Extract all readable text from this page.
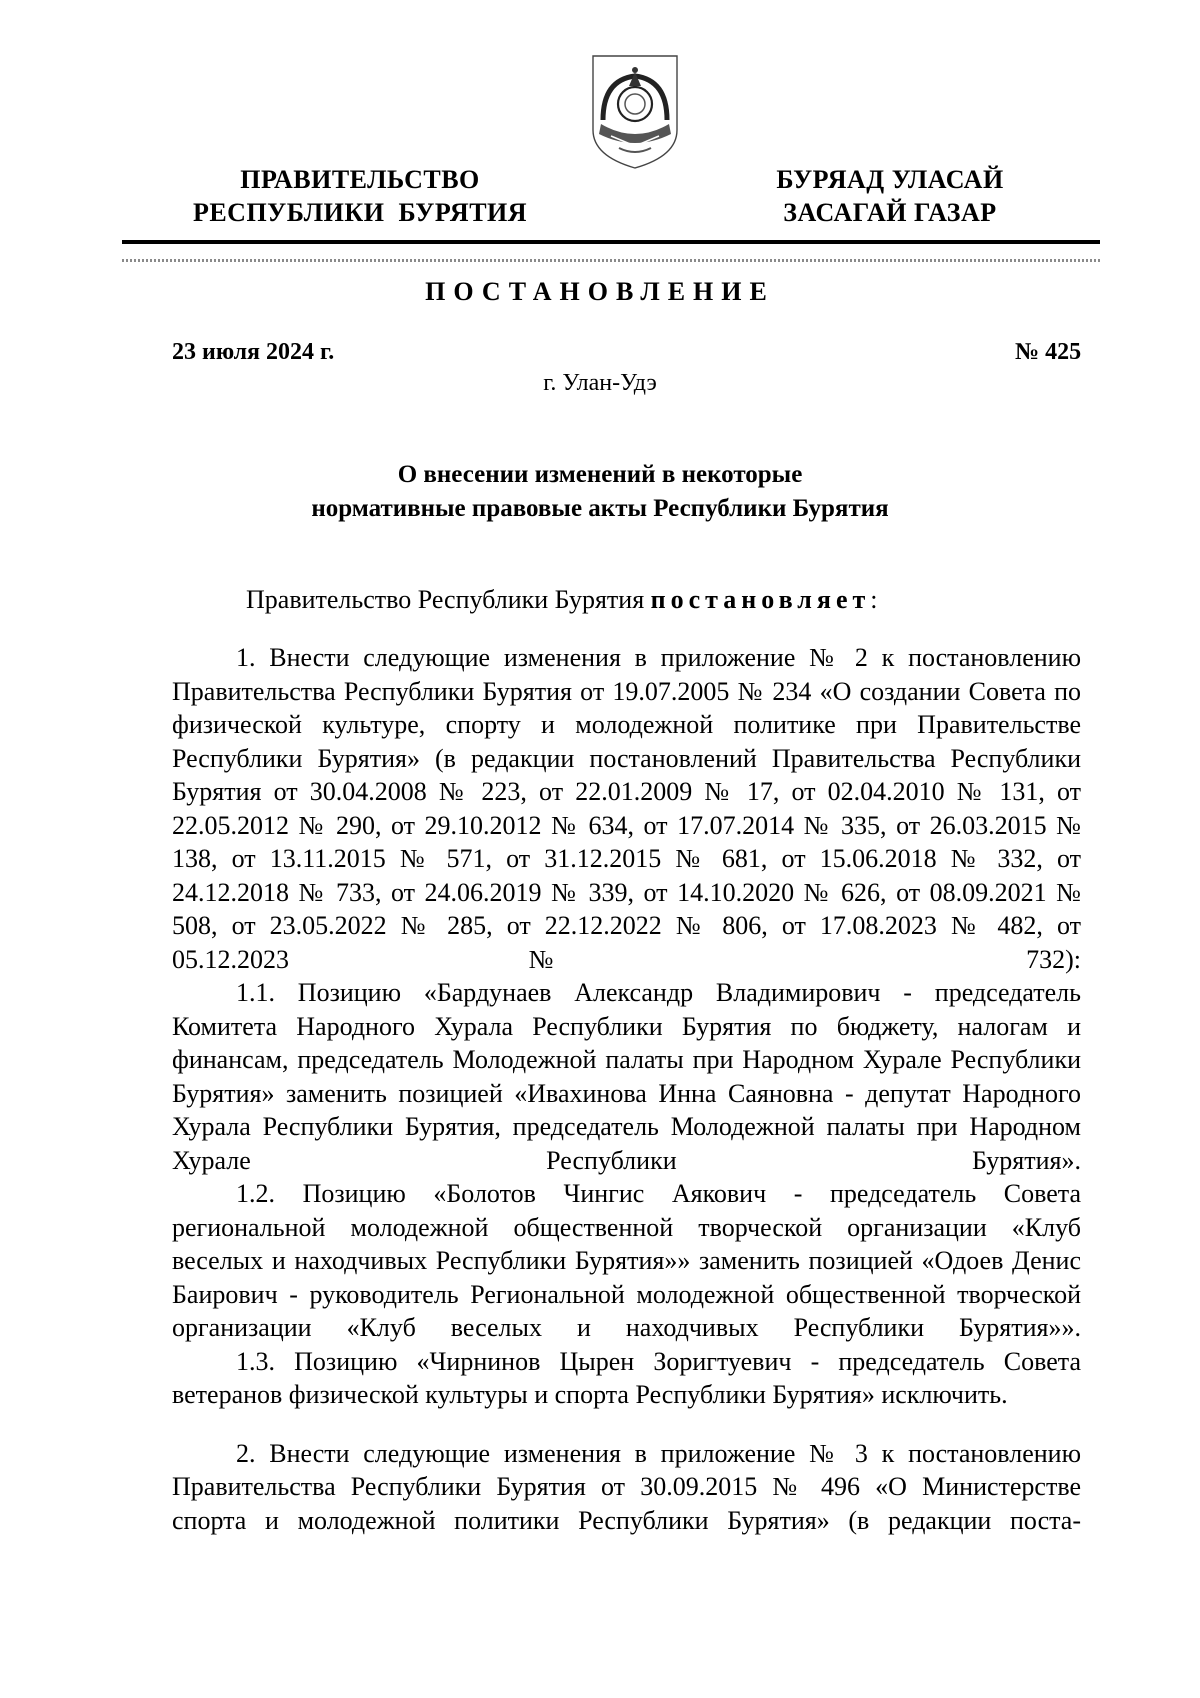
ПРАВИТЕЛЬСТВО
РЕСПУБЛИКИ  БУРЯТИЯ
БУРЯАД УЛАСАЙ
ЗАСАГАЙ ГАЗАР
ПОСТАНОВЛЕНИЕ
23 июля 2024 г.	№ 425
г. Улан-Удэ
О внесении изменений в некоторые
нормативные правовые акты Республики Бурятия
Правительство Республики Бурятия постановляет:

1. Внести следующие изменения в приложение № 2 к постановлению Правительства Республики Бурятия от 19.07.2005 № 234 «О создании Совета по физической культуре, спорту и молодежной политике при Правительстве Республики Бурятия» (в редакции постановлений Правительства Республики Бурятия от 30.04.2008 № 223, от 22.01.2009 № 17, от 02.04.2010 № 131, от 22.05.2012 № 290, от 29.10.2012 № 634, от 17.07.2014 № 335, от 26.03.2015 № 138, от 13.11.2015 № 571, от 31.12.2015 № 681, от 15.06.2018 № 332, от 24.12.2018 № 733, от 24.06.2019 № 339, от 14.10.2020 № 626, от 08.09.2021 № 508, от 23.05.2022 № 285, от 22.12.2022 № 806, от 17.08.2023 № 482, от 05.12.2023 № 732):

1.1. Позицию «Бардунаев Александр Владимирович - председатель Комитета Народного Хурала Республики Бурятия по бюджету, налогам и финансам, председатель Молодежной палаты при Народном Хурале Республики Бурятия» заменить позицией «Ивахинова Инна Саяновна - депутат Народного Хурала Республики Бурятия, председатель Молодежной палаты при Народном Хурале Республики Бурятия».

1.2. Позицию «Болотов Чингис Аякович - председатель Совета региональной молодежной общественной творческой организации «Клуб веселых и находчивых Республики Бурятия»» заменить позицией «Одоев Денис Баирович - руководитель Региональной молодежной общественной творческой организации «Клуб веселых и находчивых Республики Бурятия»».

1.3. Позицию «Чирнинов Цырен Зоригтуевич - председатель Совета ветеранов физической культуры и спорта Республики Бурятия» исключить.

2. Внести следующие изменения в приложение № 3 к постановлению Правительства Республики Бурятия от 30.09.2015 № 496 «О Министерстве спорта и молодежной политики Республики Бурятия» (в редакции поста-
